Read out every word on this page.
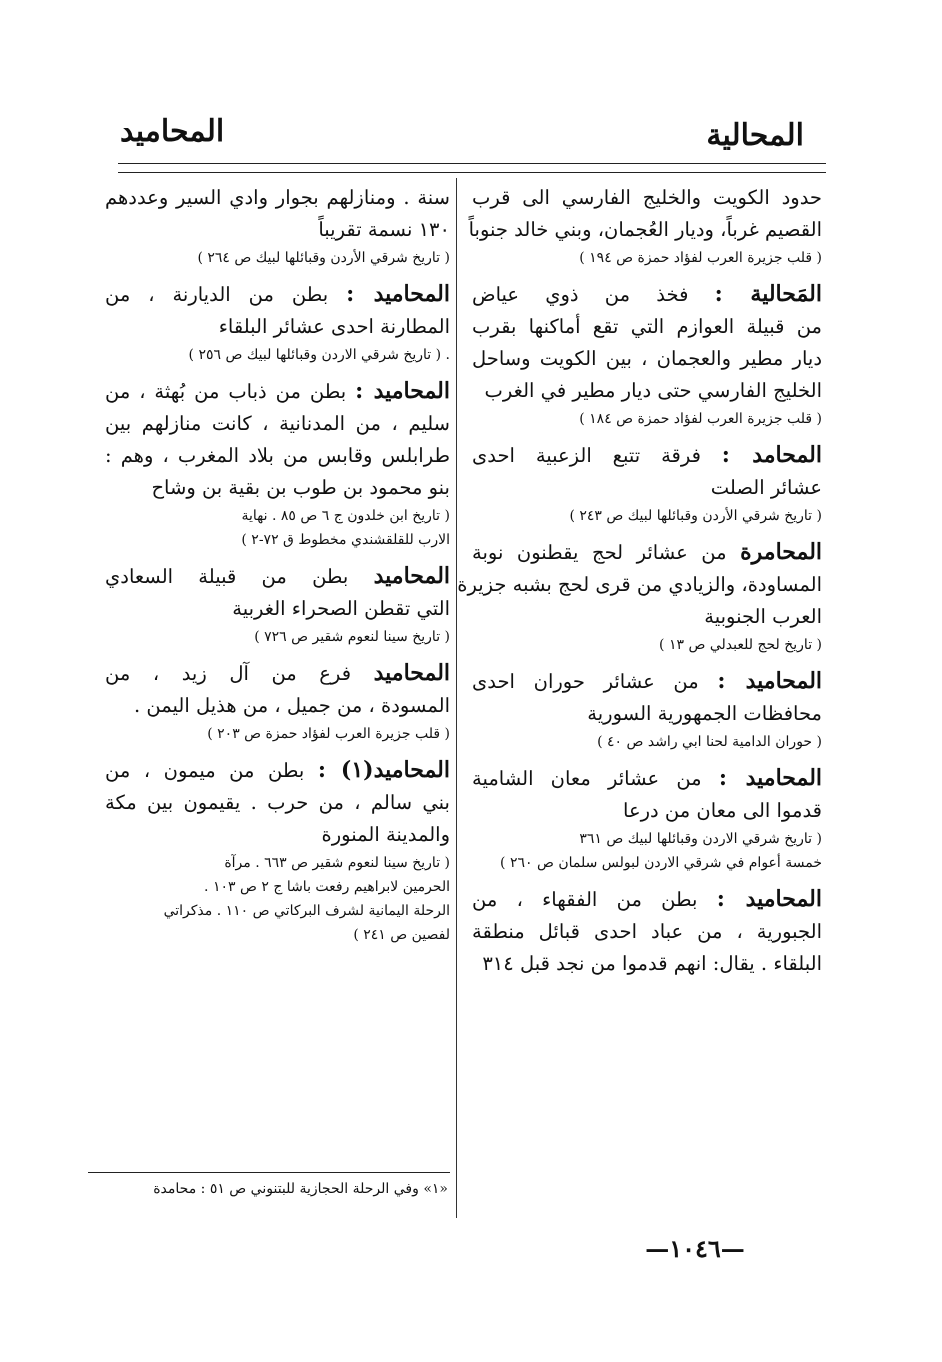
المحالية
المحاميد
حدود الكويت والخليج الفارسي الى قرب
القصيم غرباً، وديار العُجمان، وبني خالد جنوباً
( قلب جزيرة العرب لفؤاد حمزة ص ١٩٤ )
المَحالية : فخذ من ذوي عياض
من قبيلة العوازم التي تقع أماكنها بقرب
ديار مطير والعجمان ، بين الكويت وساحل
الخليج الفارسي حتى ديار مطير في الغرب
( قلب جزيرة العرب لفؤاد حمزة ص ١٨٤ )
المحامد : فرقة تتبع الزعبية احدى
عشائر الصلت
( تاريخ شرقي الأردن وقبائلها لبيك ص ٢٤٣ )
المحامرة من عشائر لحج يقطنون نوبة
المساودة، والزيادي من قرى لحج بشبه جزيرة
العرب الجنوبية
( تاريخ لحج للعبدلي ص ١٣ )
المحاميد : من عشائر حوران احدى
محافظات الجمهورية السورية
( حوران الدامية لحنا ابي راشد ص ٤٠ )
المحاميد : من عشائر معان الشامية
قدموا الى معان من درعا
( تاريخ شرقي الاردن وقبائلها لبيك ص ٣٦١
خمسة أعوام في شرقي الاردن لبولس سلمان ص ٢٦٠ )
المحاميد : بطن من الفقهاء ، من
الجبورية ، من عباد احدى قبائل منطقة
البلقاء . يقال: انهم قدموا من نجد قبل ٣١٤
سنة . ومنازلهم بجوار وادي السير وعددهم
١٣٠ نسمة تقريباً
( تاريخ شرقي الأردن وقبائلها لبيك ص ٢٦٤ )
المحاميد : بطن من الديارنة ، من
المطارنة احدى عشائر البلقاء
. ( تاريخ شرقي الاردن وقبائلها لبيك ص ٢٥٦ )
المحاميد : بطن من ذباب من بُهثة ، من
سليم ، من المدنانية ، كانت منازلهم بين
طرابلس وقابس من بلاد المغرب ، وهم :
بنو محمود بن طوب بن بقية بن وشاح
( تاريخ ابن خلدون ج ٦ ص ٨٥ . نهاية
الارب للقلقشندي مخطوط ق ٧٢-٢ )
المحاميد بطن من قبيلة السعادي
التي تقطن الصحراء الغربية
( تاريخ سينا لنعوم شقير ص ٧٢٦ )
المحاميد فرع من آل زيد ، من
المسودة ، من جميل ، من هذيل اليمن .
( قلب جزيرة العرب لفؤاد حمزة ص ٢٠٣ )
المحاميد(١) : بطن من ميمون ، من
بني سالم ، من حرب . يقيمون بين مكة
والمدينة المنورة
( تاريخ سينا لنعوم شقير ص ٦٦٣ . مرآة
الحرمين لابراهيم رفعت باشا ج ٢ ص ١٠٣ .
الرحلة اليمانية لشرف البركاتي ص ١١٠ . مذكراتي
لفصين ص ٢٤١ )
«١» وفي الرحلة الحجازية للبتنوني ص ٥١ : محامدة
—١٠٤٦—
